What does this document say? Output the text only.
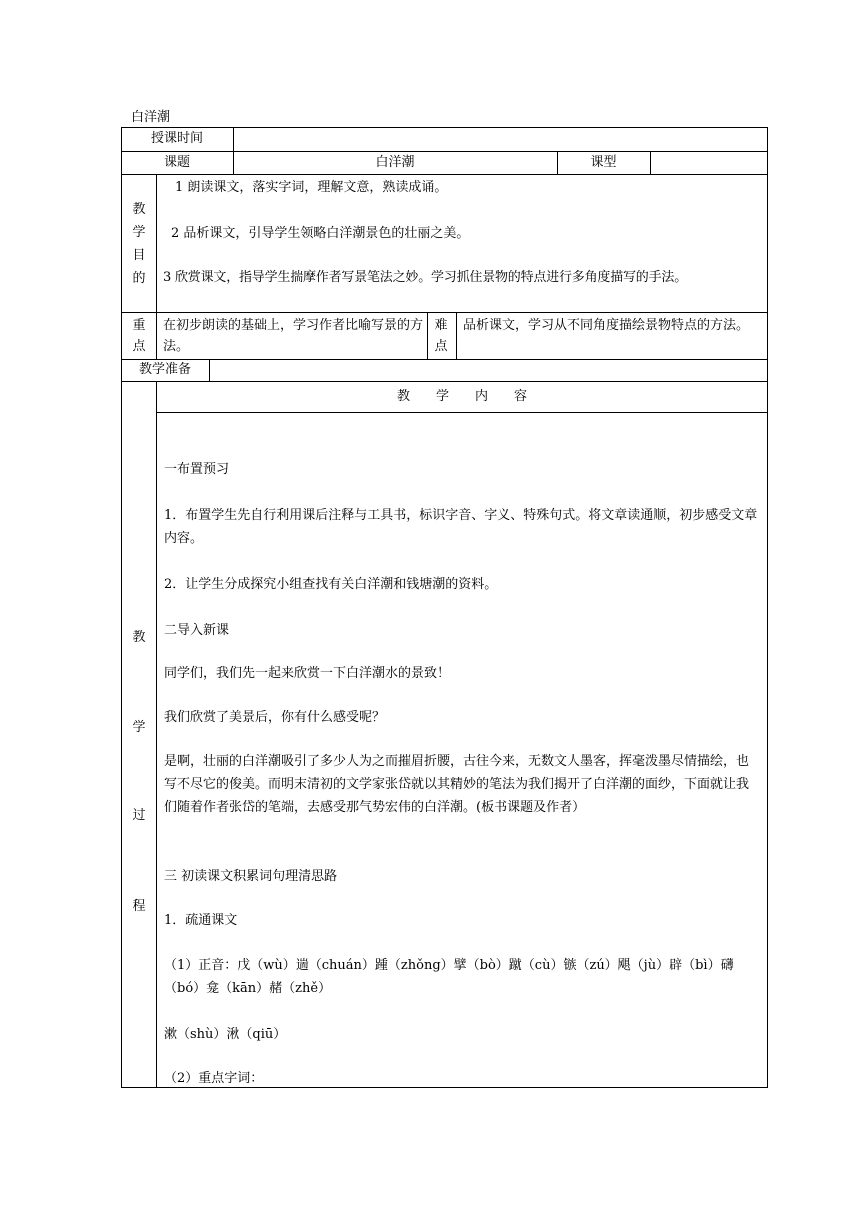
白洋潮
授课时间
课题	白洋潮	课型
教
学
目
的
1 朗读课文，落实字词，理解文意，熟读成诵。
2 品析课文，引导学生领略白洋潮景色的壮丽之美。
3 欣赏课文，指导学生揣摩作者写景笔法之妙。学习抓住景物的特点进行多角度描写的手法。
重
点
在初步朗读的基础上，学习作者比喻写景的方法。
难
点
品析课文，学习从不同角度描绘景物特点的方法。
教学准备
教
学
过
程
教　　学　　内　　容

一布置预习

1．布置学生先自行利用课后注释与工具书，标识字音、字义、特殊句式。将文章读通顺，初步感受文章内容。

2．让学生分成探究小组查找有关白洋潮和钱塘潮的资料。

二导入新课

同学们，我们先一起来欣赏一下白洋潮水的景致！

我们欣赏了美景后，你有什么感受呢？

是啊，壮丽的白洋潮吸引了多少人为之而摧眉折腰，古往今来，无数文人墨客，挥毫泼墨尽情描绘，也写不尽它的俊美。而明末清初的文学家张岱就以其精妙的笔法为我们揭开了白洋潮的面纱，下面就让我们随着作者张岱的笔端，去感受那气势宏伟的白洋潮。(板书课题及作者）

三 初读课文积累词句理清思路

1．疏通课文

（1）正音：戊（wù）遄（chuán）踵（zhǒng）擘（bò）蹴（cù）镞（zú）飓（jù）辟（bì）礴（bó）龛（kān）赭（zhě）

漱（shù）湫（qiū）

（2）重点字词：
